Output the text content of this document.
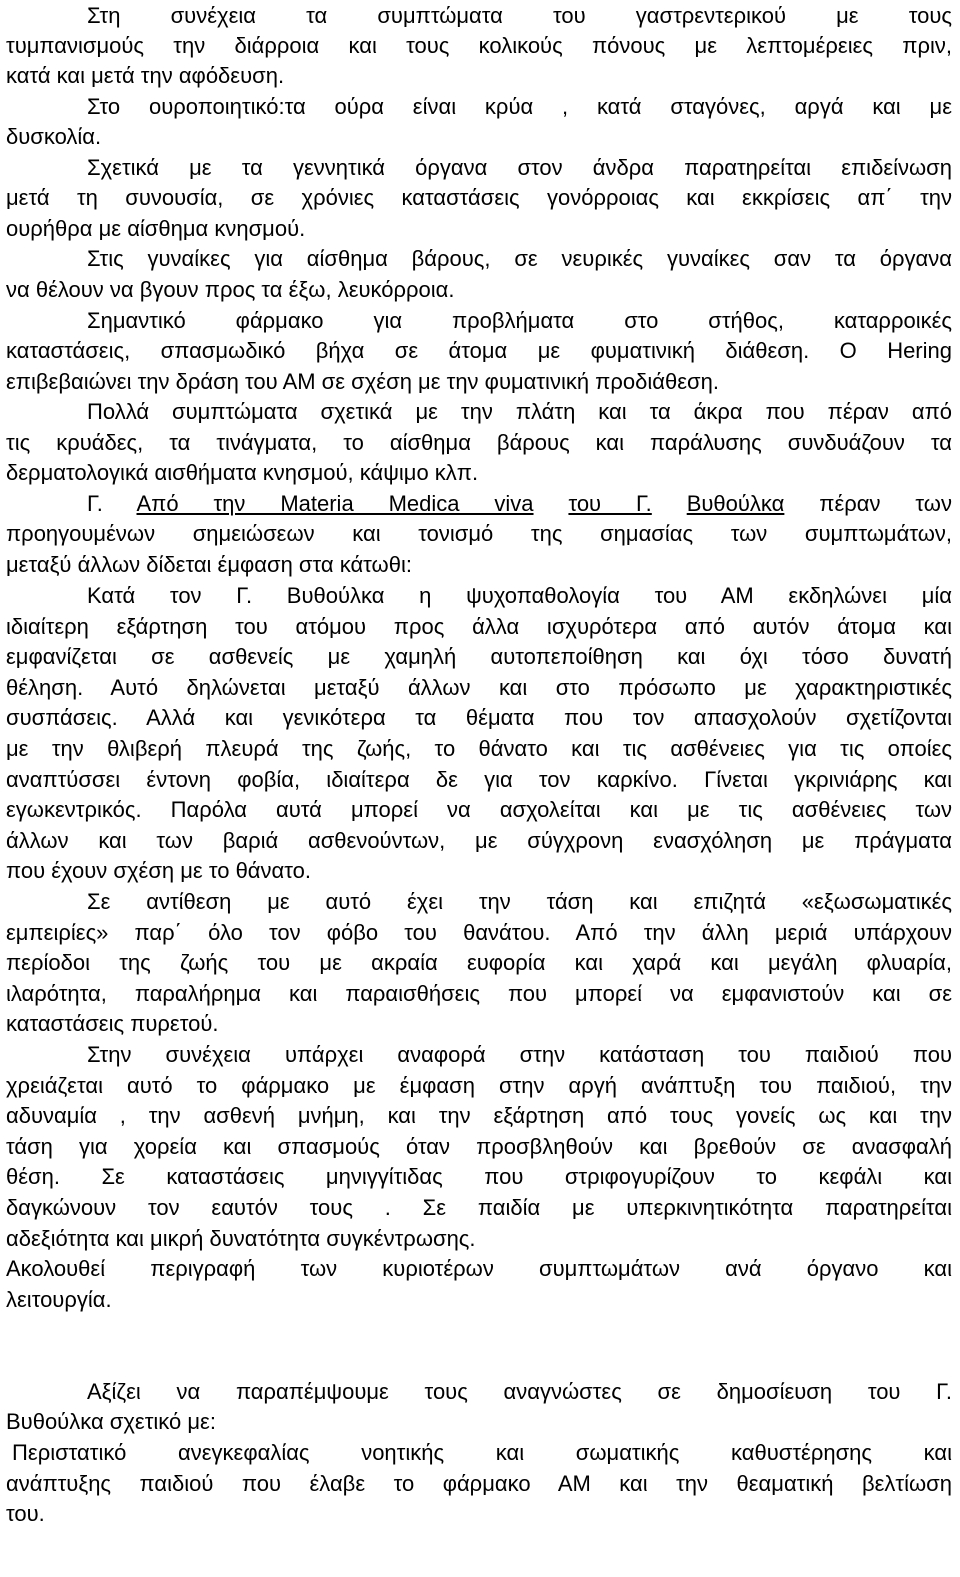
Στη συνέχεια τα συμπτώματα του γαστρεντερικού με τους
τυμπανισμούς την διάρροια και τους κολικούς πόνους με λεπτομέρειες πριν,
κατά και μετά την αφόδευση.
Στο ουροποιητικό:τα ούρα είναι κρύα , κατά σταγόνες, αργά και με
δυσκολία.
Σχετικά με τα γεννητικά όργανα στον άνδρα παρατηρείται επιδείνωση
μετά τη συνουσία, σε χρόνιες καταστάσεις γονόρροιας και εκκρίσεις απ΄ την
ουρήθρα με αίσθημα κνησμού.
Στις γυναίκες για αίσθημα βάρους, σε νευρικές γυναίκες σαν τα όργανα
να θέλουν να βγουν προς τα έξω, λευκόρροια.
Σημαντικό φάρμακο για προβλήματα στο στήθος, καταρροικές
καταστάσεις, σπασμωδικό βήχα σε άτομα με φυματινική διάθεση. Ο Hering
επιβεβαιώνει την δράση του ΑΜ σε σχέση με την φυματινική προδιάθεση.
Πολλά συμπτώματα σχετικά με την πλάτη και τα άκρα που πέραν από
τις κρυάδες, τα τινάγματα, το αίσθημα βάρους και παράλυσης συνδυάζουν τα
δερματολογικά αισθήματα κνησμού, κάψιμο κλπ.
Γ. Από την Materia Medica viva του Γ. Βυθούλκα πέραν των
προηγουμένων σημειώσεων και τονισμό της σημασίας των συμπτωμάτων,
μεταξύ άλλων δίδεται έμφαση στα κάτωθι:
Κατά τον Γ. Βυθούλκα η ψυχοπαθολογία του ΑΜ εκδηλώνει μία
ιδιαίτερη εξάρτηση του ατόμου προς άλλα ισχυρότερα από αυτόν άτομα και
εμφανίζεται σε ασθενείς με χαμηλή αυτοπεποίθηση και όχι τόσο δυνατή
θέληση. Αυτό δηλώνεται μεταξύ άλλων και στο πρόσωπο με χαρακτηριστικές
συσπάσεις. Αλλά και γενικότερα τα θέματα που τον απασχολούν σχετίζονται
με την θλιβερή πλευρά της ζωής, το θάνατο και τις ασθένειες για τις οποίες
αναπτύσσει έντονη φοβία, ιδιαίτερα δε για τον καρκίνο. Γίνεται γκρινιάρης και
εγωκεντρικός. Παρόλα αυτά μπορεί να ασχολείται και με τις ασθένειες των
άλλων και των βαριά ασθενούντων, με σύγχρονη ενασχόληση με πράγματα
που έχουν σχέση με το θάνατο.
Σε αντίθεση με αυτό έχει την τάση και επιζητά «εξωσωματικές
εμπειρίες» παρ΄ όλο τον φόβο του θανάτου. Από την άλλη μεριά υπάρχουν
περίοδοι της ζωής του με ακραία ευφορία και χαρά και μεγάλη φλυαρία,
ιλαρότητα, παραλήρημα και παραισθήσεις που μπορεί να εμφανιστούν και σε
καταστάσεις πυρετού.
Στην συνέχεια υπάρχει αναφορά στην κατάσταση του παιδιού που
χρειάζεται αυτό το φάρμακο με έμφαση στην αργή ανάπτυξη του παιδιού, την
αδυναμία , την ασθενή μνήμη, και την εξάρτηση από τους γονείς ως και την
τάση για χορεία και σπασμούς όταν προσβληθούν και βρεθούν σε ανασφαλή
θέση. Σε καταστάσεις μηνιγγίτιδας που στριφογυρίζουν το κεφάλι και
δαγκώνουν τον εαυτόν τους . Σε παιδία με υπερκινητικότητα παρατηρείται
αδεξιότητα και μικρή δυνατότητα συγκέντρωσης.
Ακολουθεί περιγραφή των κυριοτέρων συμπτωμάτων ανά όργανο και
λειτουργία.
Αξίζει να παραπέμψουμε τους αναγνώστες σε δημοσίευση του Γ.
Βυθούλκα σχετικό με:
Περιστατικό ανεγκεφαλίας νοητικής και σωματικής καθυστέρησης και
ανάπτυξης παιδιού που έλαβε το φάρμακο ΑΜ και την θεαματική βελτίωση
του.
